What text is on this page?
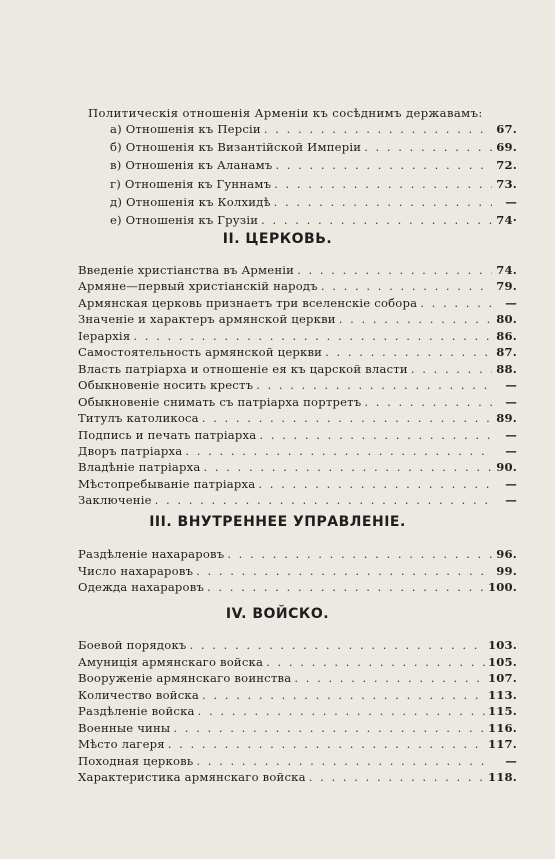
Политическія отношенія Арменіи къ сосѣднимъ державамъ:
а) Отношенія къ Персіи . . .	67.
б) Отношенія къ Византійской Имперіи . . .	69.
в) Отношенія къ Аланамъ . . .	72.
г) Отношенія къ Гуннамъ . . .	73.
д) Отношенія къ Колхидѣ . . .	—
е) Отношенія къ Грузіи . . .	74·
II. ЦЕРКОВЬ.
Введеніе христіанства въ Арменіи . . .	74.
Армяне—первый христіанскій народъ . . .	79.
Армянская церковь признаетъ три вселенскіе собора . . .	—
Значеніе и характеръ армянской церкви . . .	80.
Іерархія . . .	86.
Самостоятельность армянской церкви . . .	87.
Власть патріарха и отношеніе ея къ царской власти . . .	88.
Обыкновеніе носить крестъ . . .	—
Обыкновеніе снимать съ патріарха портретъ . . .	—
Титулъ католикоса . . .	89.
Подпись и печать патріарха . . .	—
Дворъ патріарха . . .	—
Владѣніе патріарха . . .	90.
Мѣстопребываніе патріарха . . .	—
Заключеніе . . .	—
III. ВНУТРЕННЕЕ УПРАВЛЕНІЕ.
Раздѣленіе нахараровъ . . .	96.
Число нахараровъ . . .	99.
Одежда нахараровъ . . .	100.
IV. ВОЙСКО.
Боевой порядокъ . . .	103.
Амуниція армянскаго войска . . .	105.
Вооруженіе армянскаго воинства . . .	107.
Количество войска . . .	113.
Раздѣленіе войска . . .	115.
Военные чины . . .	116.
Мѣсто лагеря . . .	117.
Походная церковь . . .	—
Характеристика армянскаго войска . . .	118.
